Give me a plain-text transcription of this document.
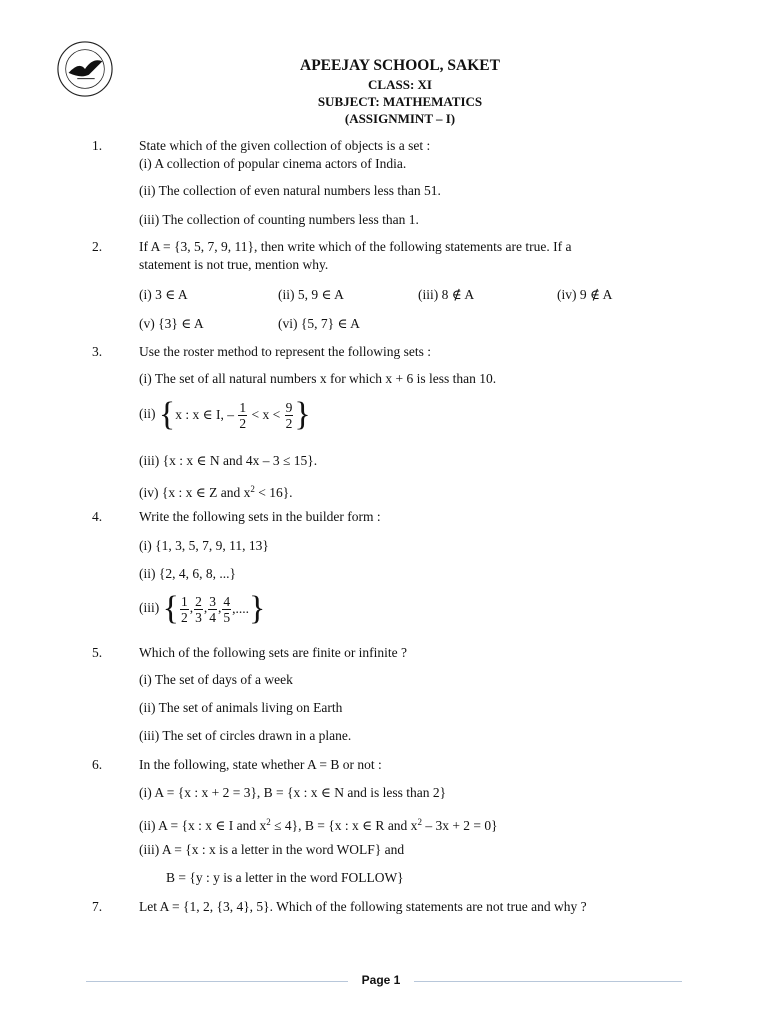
APEEJAY SCHOOL, SAKET
CLASS: XI
SUBJECT: MATHEMATICS
(ASSIGNMINT – I)
1.	State which of the given collection of objects is a set :
(i) A collection of popular cinema actors of India.
(ii) The collection of even natural numbers less than 51.
(iii) The collection of counting numbers less than 1.
2.	If A = {3, 5, 7, 9, 11}, then write which of the following statements are true. If a
statement is not true, mention why.
(i) 3 ∈ A	(ii) 5, 9 ∈ A	(iii) 8 ∉ A	(iv) 9 ∉ A
(v) {3} ∈ A	(vi) {5, 7} ∈ A
3.	Use the roster method to represent the following sets :
(i) The set of all natural numbers x for which x + 6 is less than 10.
(ii) {x : x ∈ I, – $\frac{1}{2} < x < \frac{9}{2}$ }
(iii) {x : x ∈ N and 4x – 3 ≤ 15}.
(iv) {x : x ∈ Z and $x^2 < 16$}.
4.	Write the following sets in the builder form :
(i) {1, 3, 5, 7, 9, 11, 13}
(ii) {2, 4, 6, 8, ...}
(iii) { $\frac{1}{2}$ , $\frac{2}{3}$ , $\frac{3}{4}$ , $\frac{4}{5}$ ,....}
5.	Which of the following sets are finite or infinite ?
(i) The set of days of a week
(ii) The set of animals living on Earth
(iii) The set of circles drawn in a plane.
6.	In the following, state whether A = B or not :
(i) A = {x : x + 2 = 3}, B = {x : x ∈ N and is less than 2}
(ii) A = {x : x ∈ I and $x^2 \le 4$}, B = {x : x ∈ R and $x^2 - 3x + 2 = 0$}
(iii) A = {x : x is a letter in the word WOLF} and
B = {y : y is a letter in the word FOLLOW}
7.	Let A = {1, 2, {3, 4}, 5}. Which of the following statements are not true and why ?
Page 1
